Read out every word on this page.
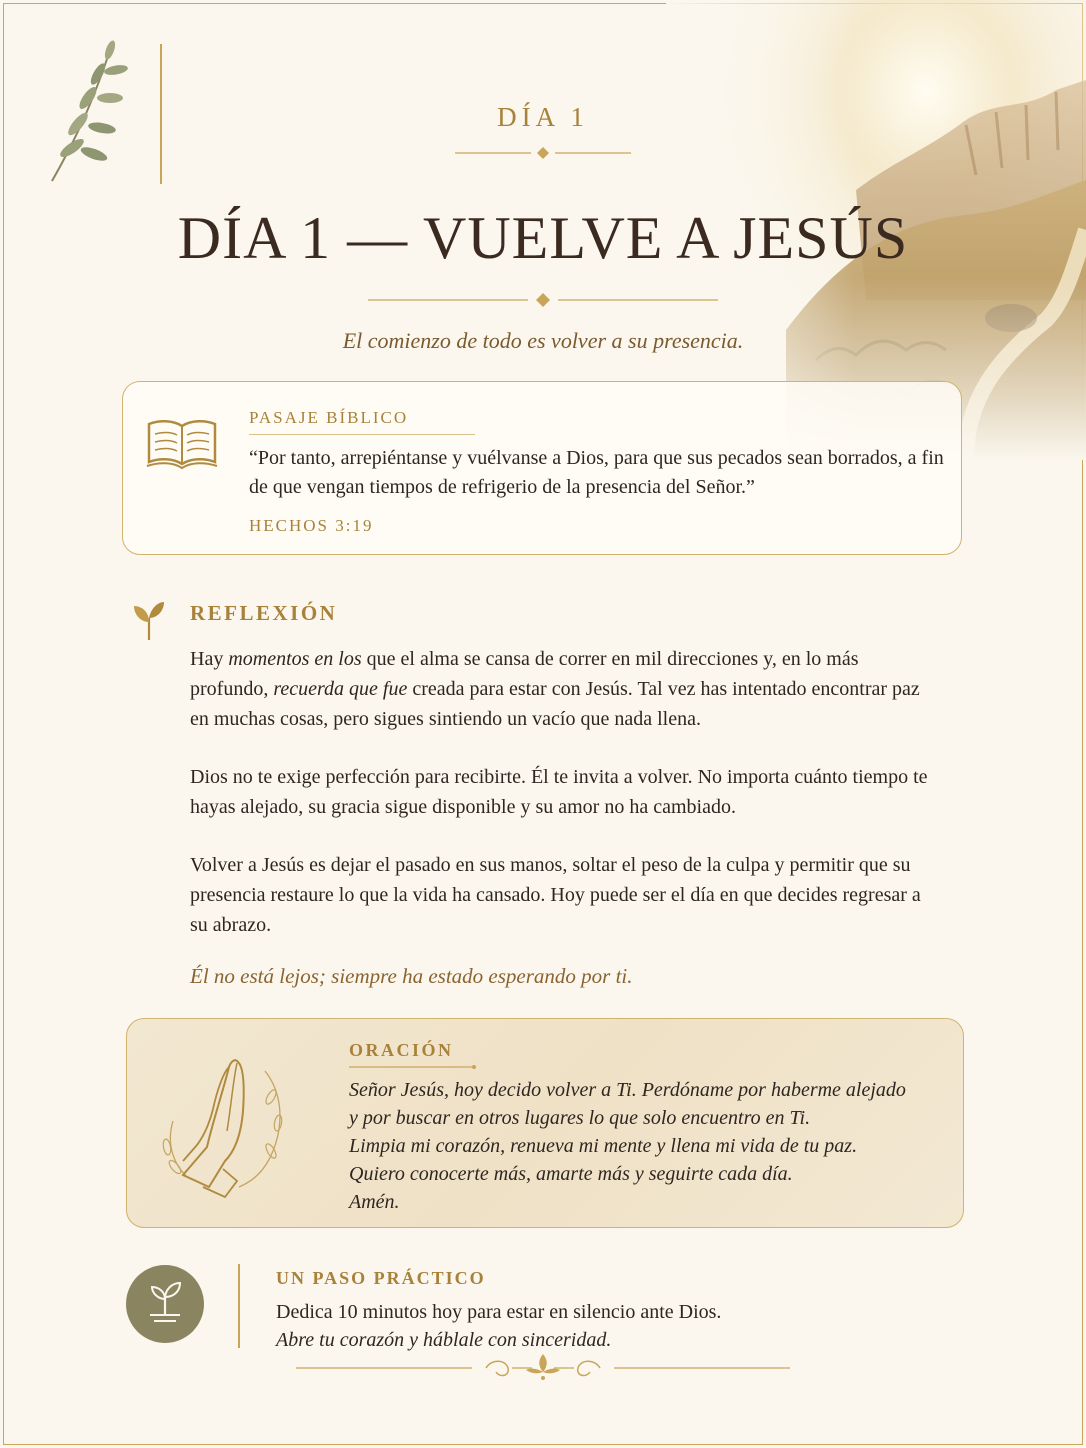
DÍA 1
DÍA 1 — VUELVE A JESÚS
El comienzo de todo es volver a su presencia.
PASAJE BÍBLICO
“Por tanto, arrepiéntanse y vuélvanse a Dios, para que sus pecados sean borrados, a fin de que vengan tiempos de refrigerio de la presencia del Señor.”
HECHOS 3:19
REFLEXIÓN

Hay momentos en los que el alma se cansa de correr en mil direcciones y, en lo más profundo, recuerda que fue creada para estar con Jesús. Tal vez has intentado encontrar paz en muchas cosas, pero sigues sintiendo un vacío que nada llena.

Dios no te exige perfección para recibirte. Él te invita a volver. No importa cuánto tiempo te hayas alejado, su gracia sigue disponible y su amor no ha cambiado.

Volver a Jesús es dejar el pasado en sus manos, soltar el peso de la culpa y permitir que su presencia restaure lo que la vida ha cansado. Hoy puede ser el día en que decides regresar a su abrazo.

Él no está lejos; siempre ha estado esperando por ti.
ORACIÓN
Señor Jesús, hoy decido volver a Ti. Perdóname por haberme alejado
y por buscar en otros lugares lo que solo encuentro en Ti.
Limpia mi corazón, renueva mi mente y llena mi vida de tu paz.
Quiero conocerte más, amarte más y seguirte cada día.
Amén.
UN PASO PRÁCTICO
Dedica 10 minutos hoy para estar en silencio ante Dios.
Abre tu corazón y háblale con sinceridad.
